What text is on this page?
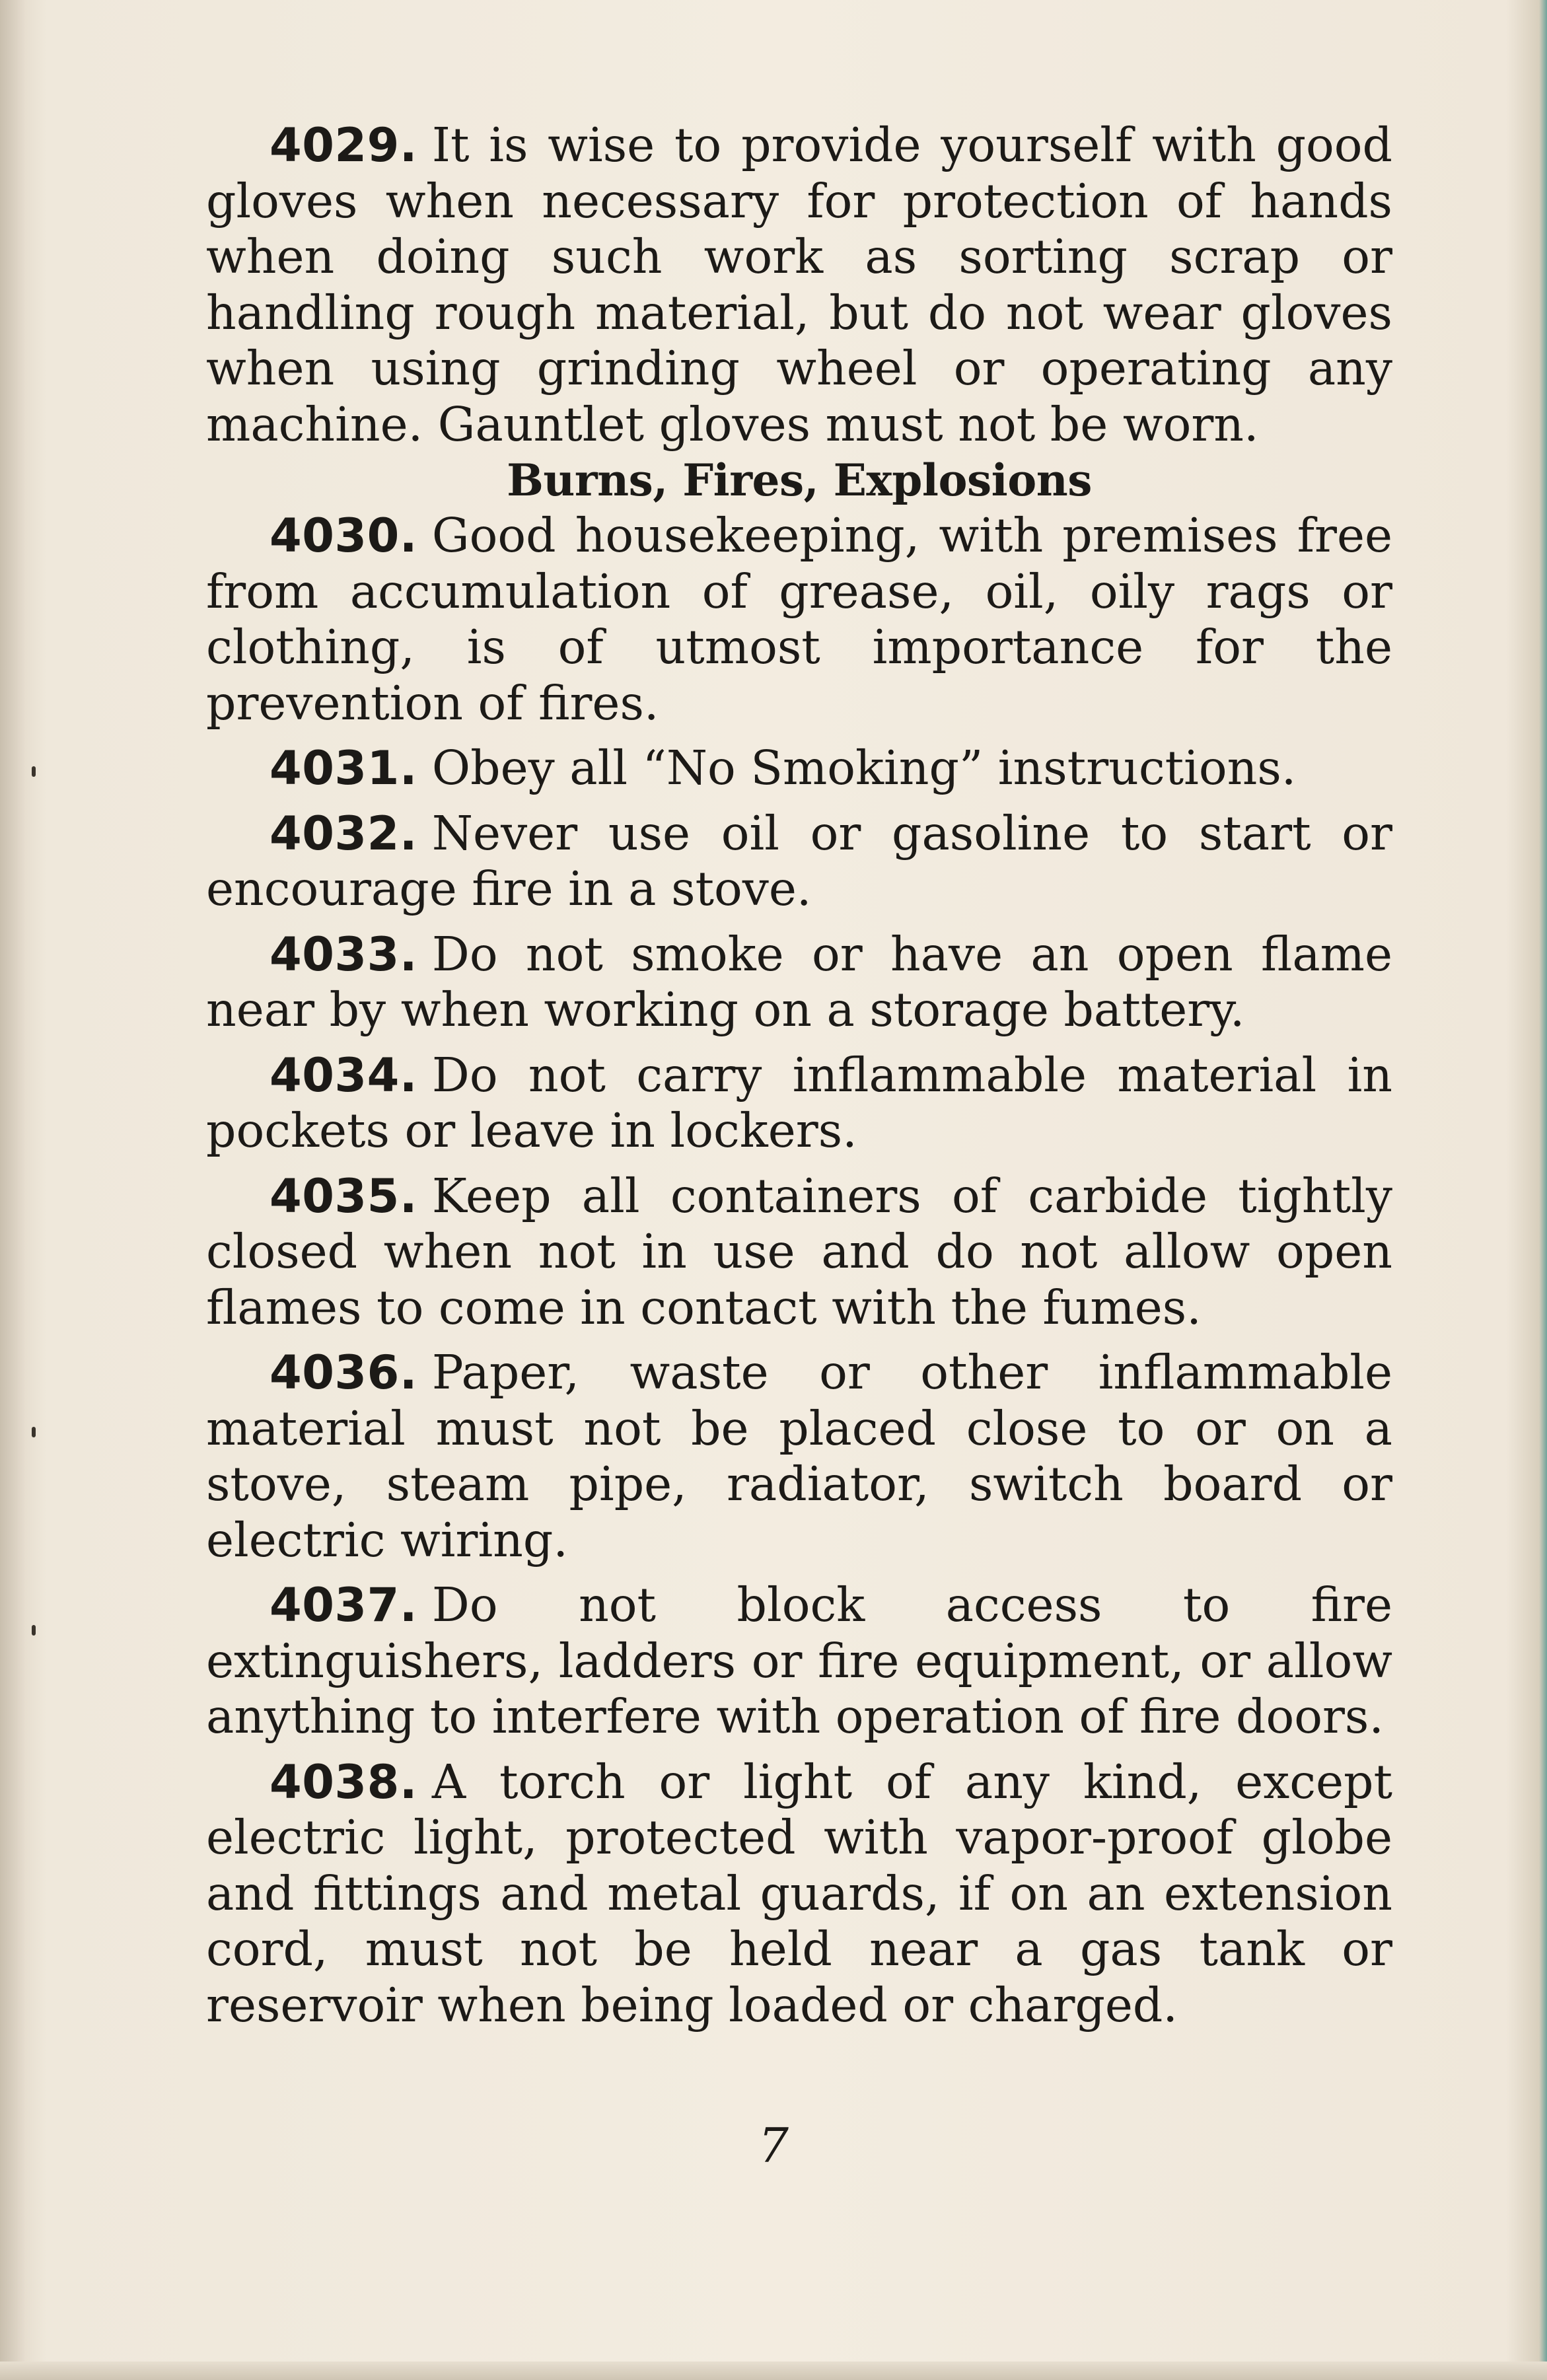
4029. It is wise to provide yourself with good gloves when necessary for protection of hands when doing such work as sorting scrap or handling rough material, but do not wear gloves when using grinding wheel or operating any machine. Gauntlet gloves must not be worn.

Burns, Fires, Explosions

4030. Good housekeeping, with premises free from accumulation of grease, oil, oily rags or clothing, is of utmost importance for the prevention of fires.

4031. Obey all “No Smoking” instructions.

4032. Never use oil or gasoline to start or encourage fire in a stove.

4033. Do not smoke or have an open flame near by when working on a storage battery.

4034. Do not carry inflammable material in pockets or leave in lockers.

4035. Keep all containers of carbide tightly closed when not in use and do not allow open flames to come in contact with the fumes.

4036. Paper, waste or other inflammable material must not be placed close to or on a stove, steam pipe, radiator, switch board or electric wiring.

4037. Do not block access to fire extinguishers, ladders or fire equipment, or allow anything to interfere with operation of fire doors.

4038. A torch or light of any kind, except electric light, protected with vapor-proof globe and fittings and metal guards, if on an extension cord, must not be held near a gas tank or reservoir when being loaded or charged.

7
